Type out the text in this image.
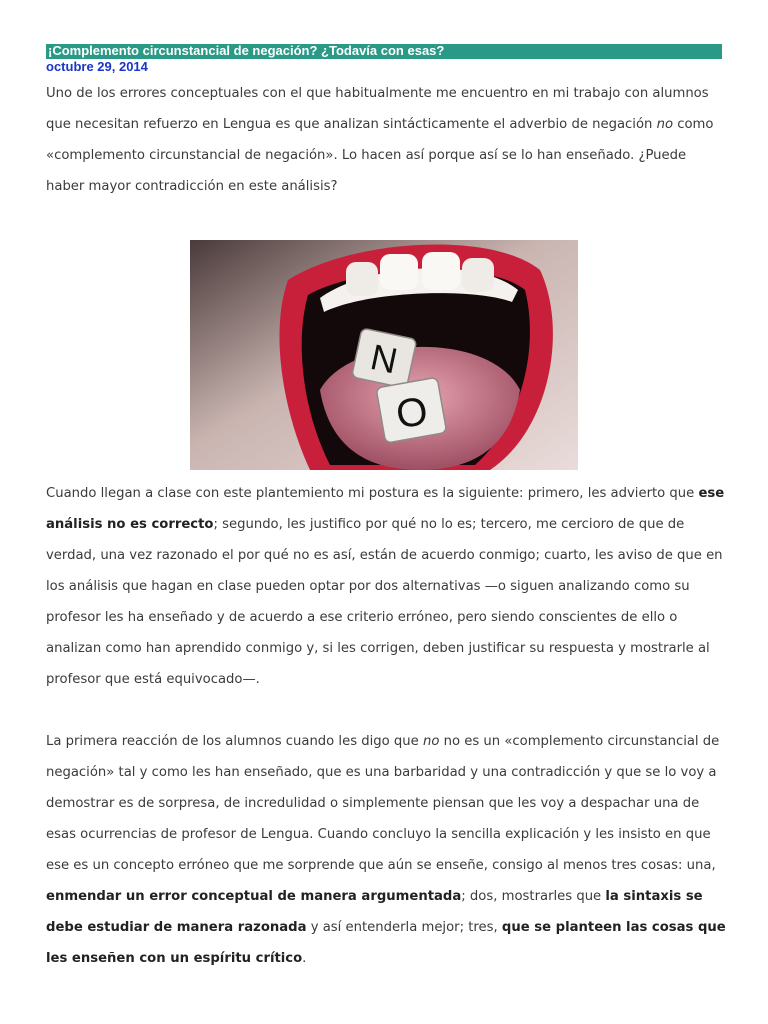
¡Complemento circunstancial de negación? ¿Todavía con esas?
octubre 29, 2014

Uno de los errores conceptuales con el que habitualmente me encuentro en mi trabajo con alumnos que necesitan refuerzo en Lengua es que analizan sintácticamente el adverbio de negación no como «complemento circunstancial de negación». Lo hacen así porque así se lo han enseñado. ¿Puede haber mayor contradicción en este análisis?

N
O

Cuando llegan a clase con este plantemiento mi postura es la siguiente: primero, les advierto que ese análisis no es correcto; segundo, les justifico por qué no lo es; tercero, me cercioro de que de verdad, una vez razonado el por qué no es así, están de acuerdo conmigo; cuarto, les aviso de que en los análisis que hagan en clase pueden optar por dos alternativas —o siguen analizando como su profesor les ha enseñado y de acuerdo a ese criterio erróneo, pero siendo conscientes de ello o analizan como han aprendido conmigo y, si les corrigen, deben justificar su respuesta y mostrarle al profesor que está equivocado—.

La primera reacción de los alumnos cuando les digo que no no es un «complemento circunstancial de negación» tal y como les han enseñado, que es una barbaridad y una contradicción y que se lo voy a demostrar es de sorpresa, de incredulidad o simplemente piensan que les voy a despachar una de esas ocurrencias de profesor de Lengua. Cuando concluyo la sencilla explicación y les insisto en que ese es un concepto erróneo que me sorprende que aún se enseñe, consigo al menos tres cosas: una, enmendar un error conceptual de manera argumentada; dos, mostrarles que la sintaxis se debe estudiar de manera razonada y así entenderla mejor; tres, que se planteen las cosas que les enseñen con un espíritu crítico.
